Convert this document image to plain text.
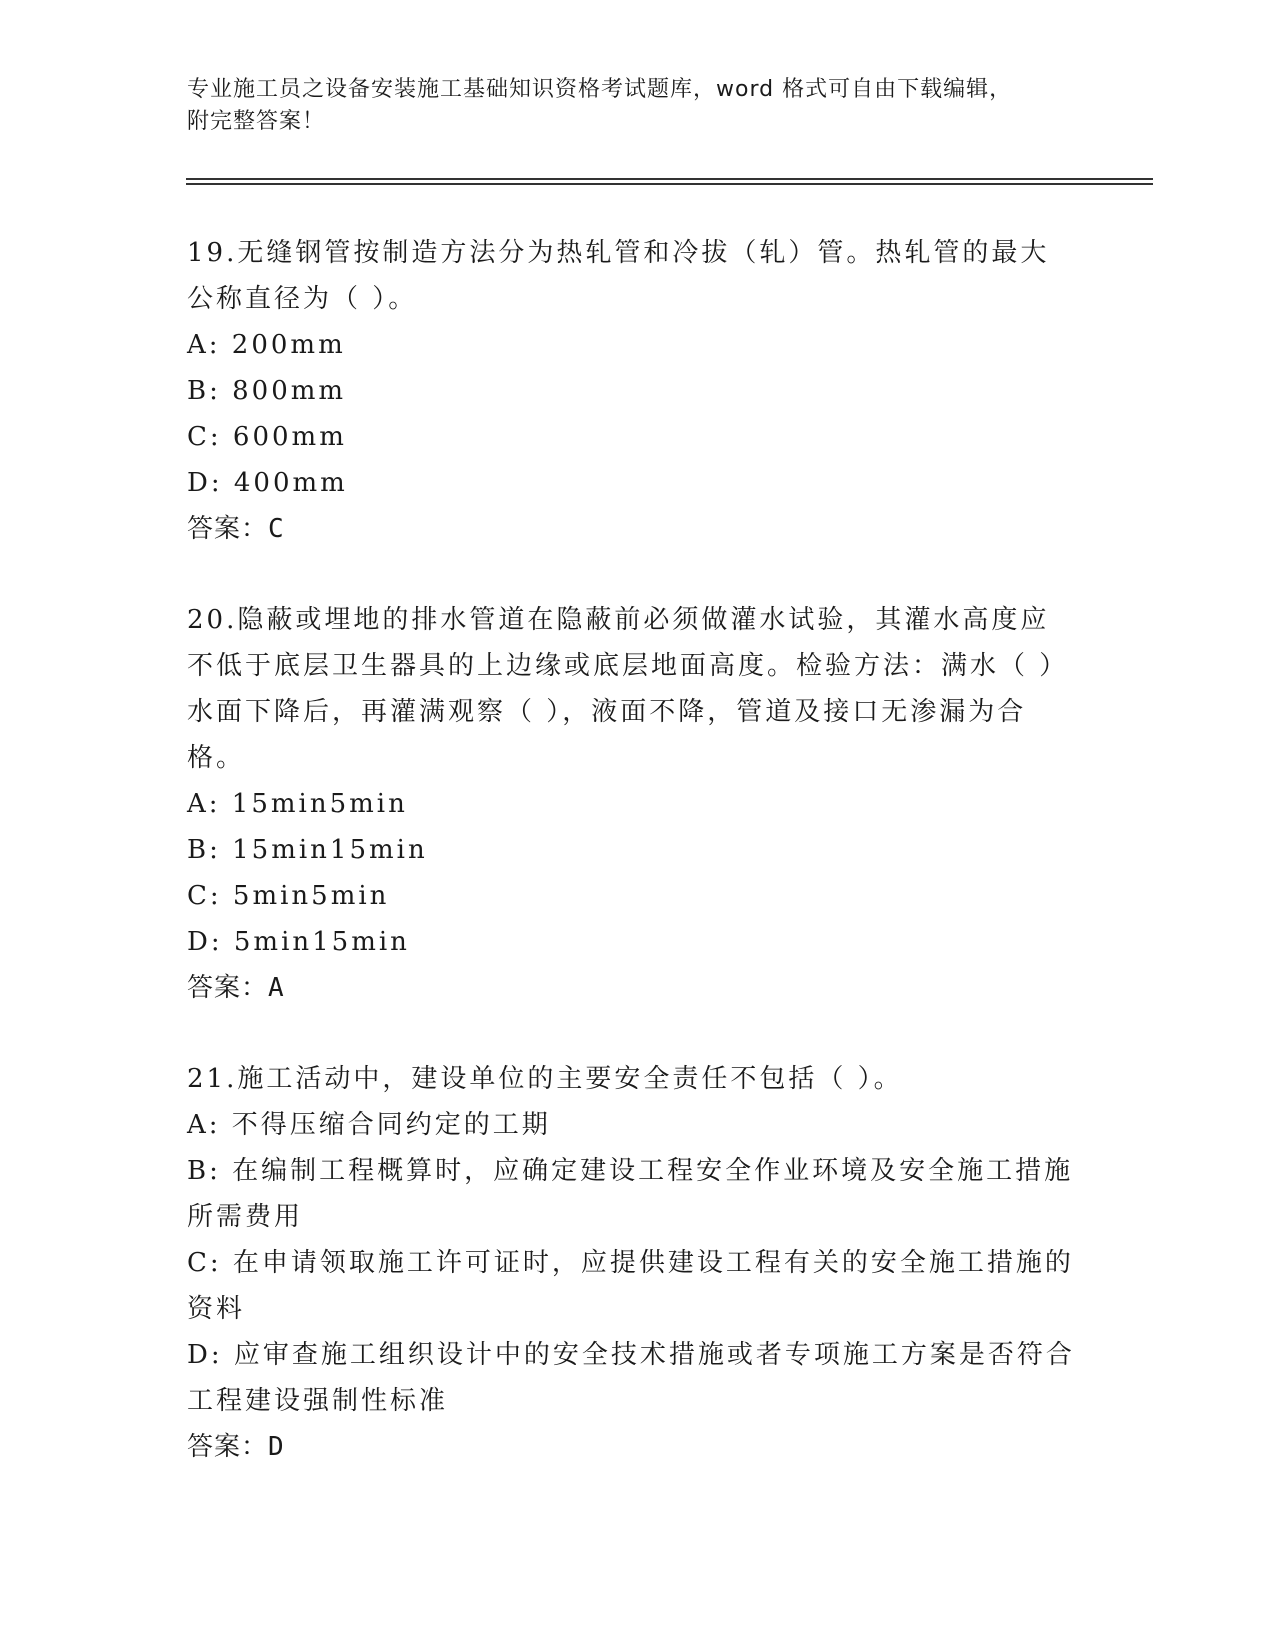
专业施工员之设备安装施工基础知识资格考试题库，word 格式可自由下载编辑，
附完整答案！
19.无缝钢管按制造方法分为热轧管和冷拔（轧）管。热轧管的最大公称直径为（ ）。
A: 200mm
B: 800mm
C: 600mm
D: 400mm
答案：C
20.隐蔽或埋地的排水管道在隐蔽前必须做灌水试验，其灌水高度应不低于底层卫生器具的上边缘或底层地面高度。检验方法：满水（ ）水面下降后，再灌满观察（ ），液面不降，管道及接口无渗漏为合格。
A: 15min5min
B: 15min15min
C: 5min5min
D: 5min15min
答案：A
21.施工活动中，建设单位的主要安全责任不包括（ ）。
A: 不得压缩合同约定的工期
B: 在编制工程概算时，应确定建设工程安全作业环境及安全施工措施所需费用
C: 在申请领取施工许可证时，应提供建设工程有关的安全施工措施的资料
D: 应审查施工组织设计中的安全技术措施或者专项施工方案是否符合工程建设强制性标准
答案：D
